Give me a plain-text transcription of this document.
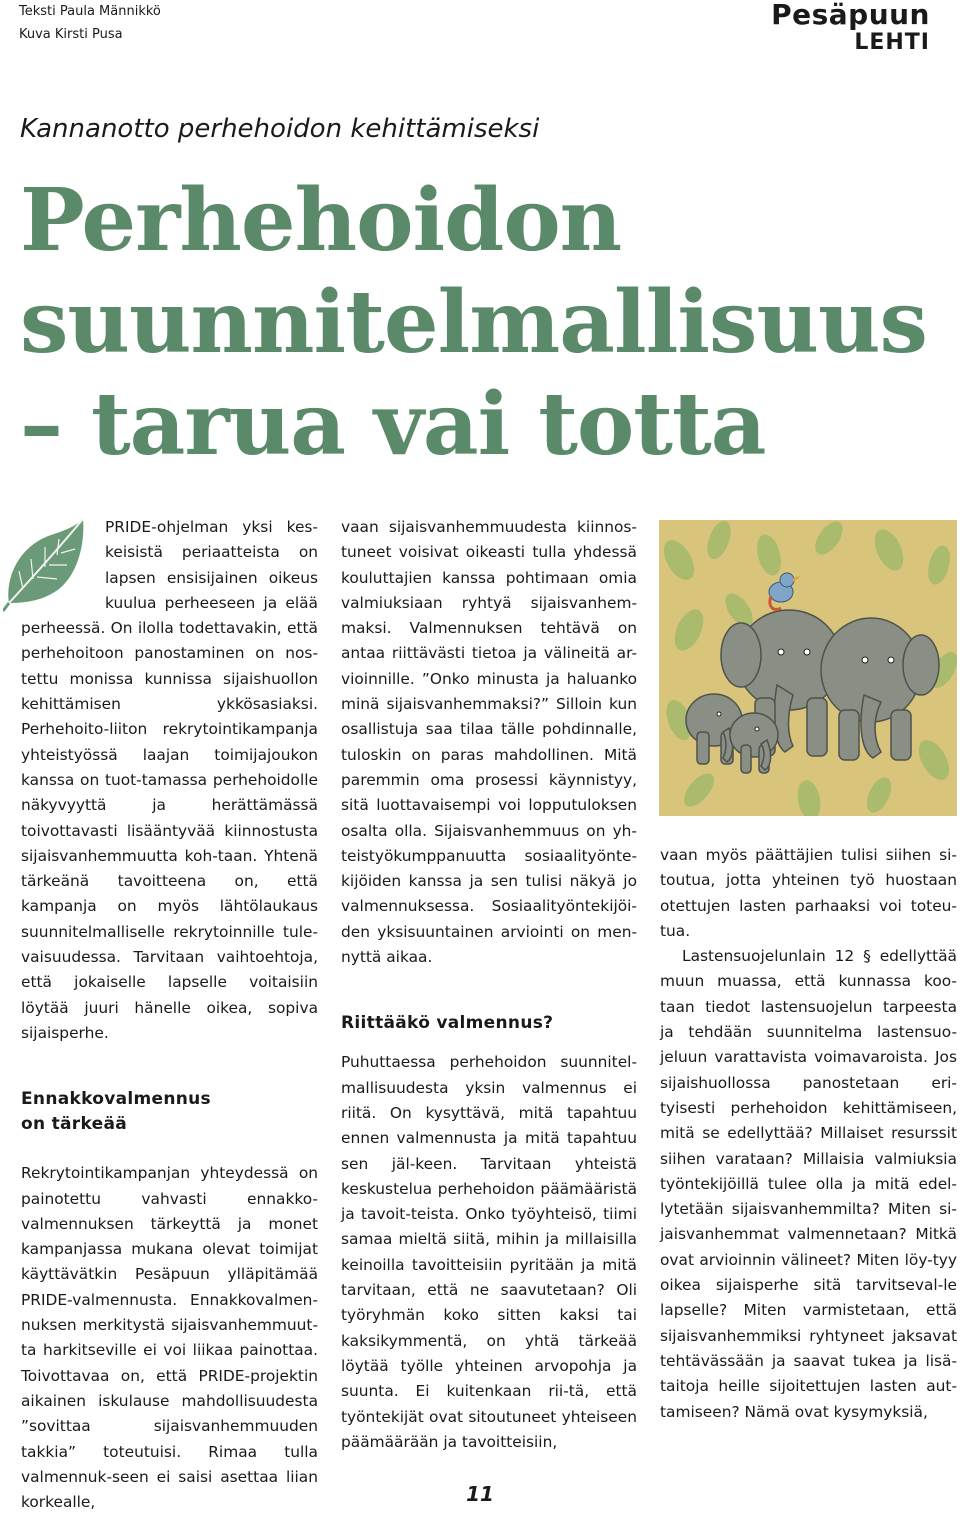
Teksti Paula Männikkö
Kuva Kirsti Pusa
Pesäpuun
LEHTI
Kannanotto perhehoidon kehittämiseksi
Perhehoidon
suunnitelmallisuus
– tarua vai totta

PRIDE-ohjelman yksi kes-keisistä periaatteista on lapsen ensisijainen oikeus kuulua perheeseen ja elää perheessä. On ilolla todettavakin, että perhehoitoon panostaminen on nos-tettu monissa kunnissa sijaishuollon kehittämisen ykkösasiaksi. Perhehoito-liiton rekrytointikampanja yhteistyössä laajan toimijajoukon kanssa on tuot-tamassa perhehoidolle näkyvyyttä ja herättämässä toivottavasti lisääntyvää kiinnostusta sijaisvanhemmuutta koh-taan. Yhtenä tärkeänä tavoitteena on, että kampanja on myös lähtölaukaus suunnitelmalliselle rekrytoinnille tule-vaisuudessa. Tarvitaan vaihtoehtoja, että jokaiselle lapselle voitaisiin löytää juuri hänelle oikea, sopiva sijaisperhe.

Ennakkovalmennus
on tärkeää

Rekrytointikampanjan yhteydessä on painotettu vahvasti ennakko-valmennuksen tärkeyttä ja monet kampanjassa mukana olevat toimijat käyttävätkin Pesäpuun ylläpitämää PRIDE-valmennusta. Ennakkovalmen-nuksen merkitystä sijaisvanhemmuut-ta harkitseville ei voi liikaa painottaa. Toivottavaa on, että PRIDE-projektin aikainen iskulause mahdollisuudesta ”sovittaa sijaisvanhemmuuden takkia” toteutuisi. Rimaa tulla valmennuk-seen ei saisi asettaa liian korkealle,

vaan sijaisvanhemmuudesta kiinnos-tuneet voisivat oikeasti tulla yhdessä kouluttajien kanssa pohtimaan omia valmiuksiaan ryhtyä sijaisvanhem-maksi. Valmennuksen tehtävä on antaa riittävästi tietoa ja välineitä ar-vioinnille. ”Onko minusta ja haluanko minä sijaisvanhemmaksi?” Silloin kun osallistuja saa tilaa tälle pohdinnalle, tuloskin on paras mahdollinen. Mitä paremmin oma prosessi käynnistyy, sitä luottavaisempi voi lopputuloksen osalta olla. Sijaisvanhemmuus on yh-teistyökumppanuutta sosiaalityönte-kijöiden kanssa ja sen tulisi näkyä jo valmennuksessa. Sosiaalityöntekijöi-den yksisuuntainen arviointi on men-nyttä aikaa.

Riittääkö valmennus?

Puhuttaessa perhehoidon suunnitel-mallisuudesta yksin valmennus ei riitä. On kysyttävä, mitä tapahtuu ennen valmennusta ja mitä tapahtuu sen jäl-keen. Tarvitaan yhteistä keskustelua perhehoidon päämääristä ja tavoit-teista. Onko työyhteisö, tiimi samaa mieltä siitä, mihin ja millaisilla keinoilla tavoitteisiin pyritään ja mitä tarvitaan, että ne saavutetaan? Oli työryhmän koko sitten kaksi tai kaksikymmentä, on yhtä tärkeää löytää työlle yhteinen arvopohja ja suunta. Ei kuitenkaan rii-tä, että työntekijät ovat sitoutuneet yhteiseen päämäärään ja tavoitteisiin,

vaan myös päättäjien tulisi siihen si-toutua, jotta yhteinen työ huostaan otettujen lasten parhaaksi voi toteu-tua.

Lastensuojelunlain 12 § edellyttää muun muassa, että kunnassa koo-taan tiedot lastensuojelun tarpeesta ja tehdään suunnitelma lastensuo-jeluun varattavista voimavaroista. Jos sijaishuollossa panostetaan eri-tyisesti perhehoidon kehittämiseen, mitä se edellyttää? Millaiset resurssit siihen varataan? Millaisia valmiuksia työntekijöillä tulee olla ja mitä edel-lytetään sijaisvanhemmilta? Miten si-jaisvanhemmat valmennetaan? Mitkä ovat arvioinnin välineet? Miten löy-tyy oikea sijaisperhe sitä tarvitseval-le lapselle? Miten varmistetaan, että sijaisvanhemmiksi ryhtyneet jaksavat tehtävässään ja saavat tukea ja lisä-taitoja heille sijoitettujen lasten aut-tamiseen? Nämä ovat kysymyksiä,

11
